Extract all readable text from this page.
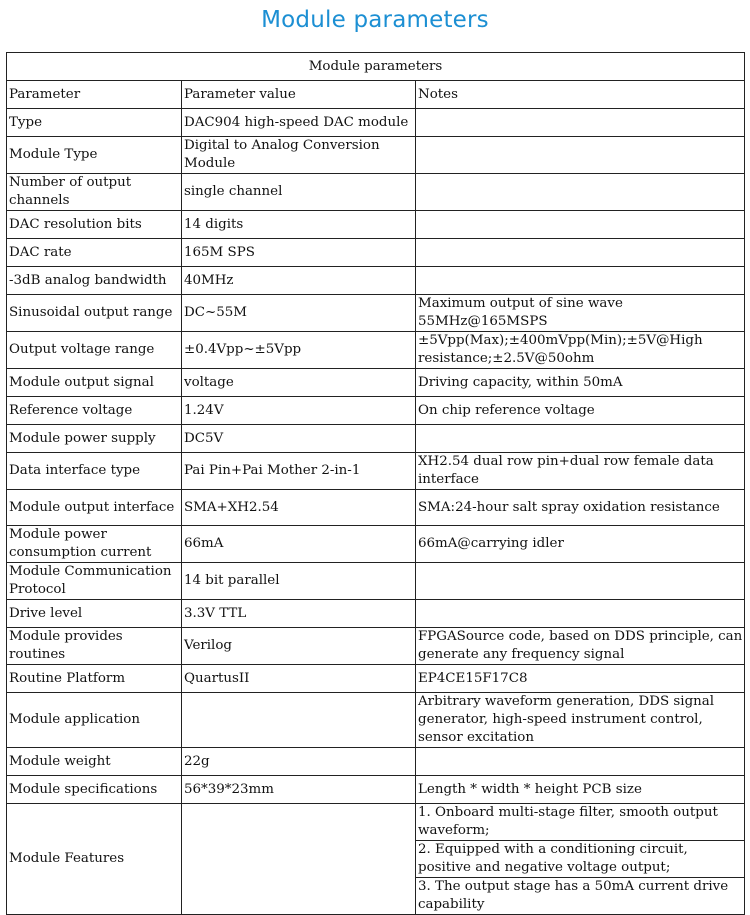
Module parameters
Module parameters		
Parameter	Parameter value	Notes
Type	DAC904 high-speed DAC module	
Module Type	Digital to Analog Conversion Module	
Number of output channels	single channel	
DAC resolution bits	14 digits	
DAC rate	165M SPS	
-3dB analog bandwidth	40MHz	
Sinusoidal output range	DC~55M	Maximum output of sine wave 55MHz@165MSPS
Output voltage range	±0.4Vpp~±5Vpp	±5Vpp(Max);±400mVpp(Min);±5V@High resistance;±2.5V@50ohm
Module output signal	voltage	Driving capacity, within 50mA
Reference voltage	1.24V	On chip reference voltage
Module power supply	DC5V	
Data interface type	Pai Pin+Pai Mother 2-in-1	XH2.54 dual row pin+dual row female data interface
Module output interface	SMA+XH2.54	SMA:24-hour salt spray oxidation resistance
Module power consumption current	66mA	66mA@carrying idler
Module Communication Protocol	14 bit parallel	
Drive level	3.3V TTL	
Module provides routines	Verilog	FPGASource code, based on DDS principle, can generate any frequency signal
Routine Platform	QuartusII	EP4CE15F17C8
Module application		Arbitrary waveform generation, DDS signal generator, high-speed instrument control, sensor excitation
Module weight	22g	
Module specifications	56*39*23mm	Length * width * height PCB size
Module Features		1. Onboard multi-stage filter, smooth output waveform;
		2. Equipped with a conditioning circuit, positive and negative voltage output;
		3. The output stage has a 50mA current drive capability
